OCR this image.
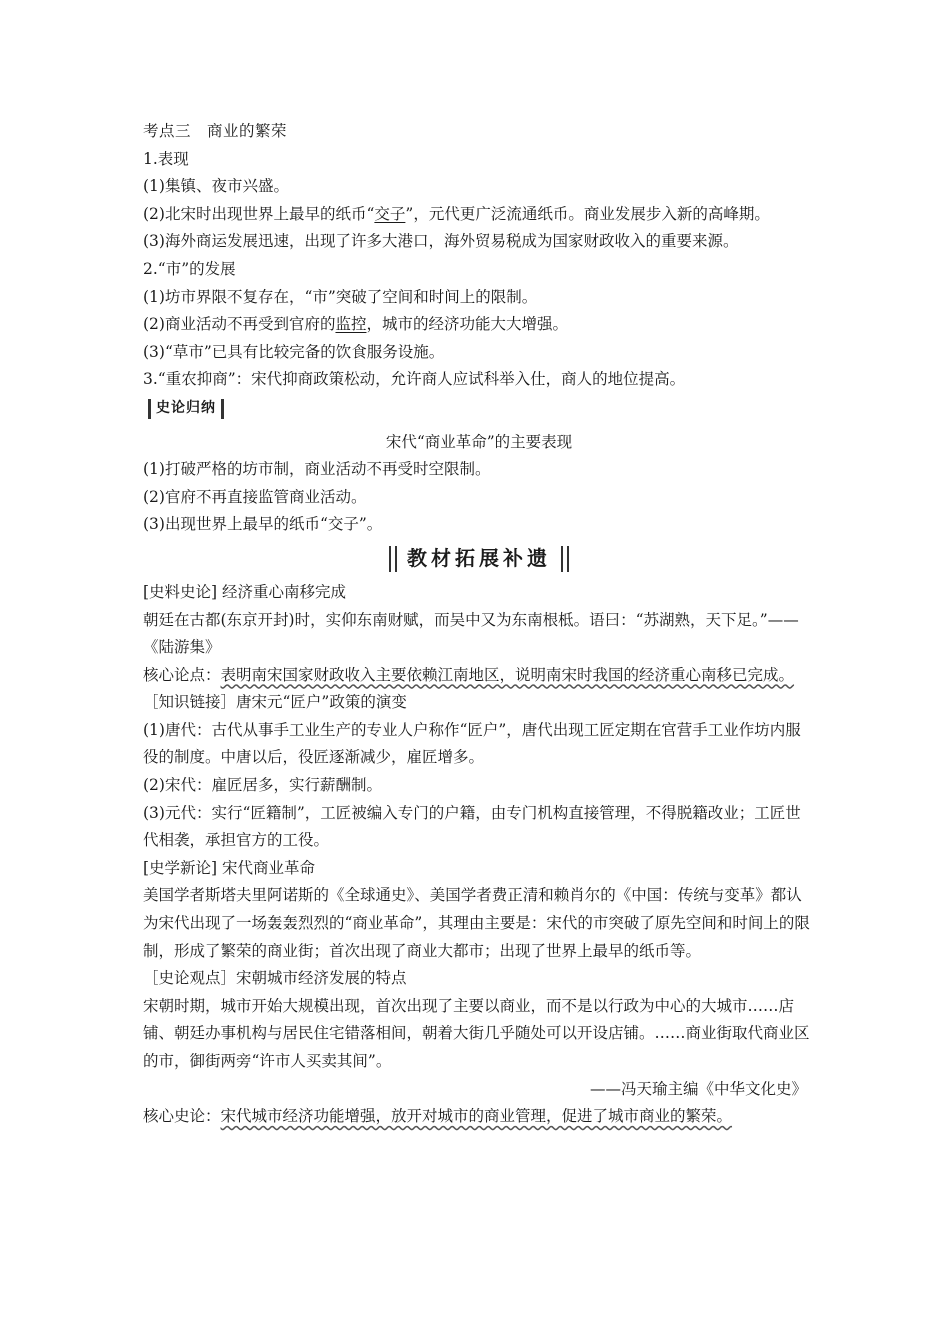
考点三　商业的繁荣
1.表现
(1)集镇、夜市兴盛。
(2)北宋时出现世界上最早的纸币“交子”，元代更广泛流通纸币。商业发展步入新的高峰期。
(3)海外商运发展迅速，出现了许多大港口，海外贸易税成为国家财政收入的重要来源。
2.“市”的发展
(1)坊市界限不复存在，“市”突破了空间和时间上的限制。
(2)商业活动不再受到官府的监控，城市的经济功能大大增强。
(3)“草市”已具有比较完备的饮食服务设施。
3.“重农抑商”：宋代抑商政策松动，允许商人应试科举入仕，商人的地位提高。
史论归纳
宋代“商业革命”的主要表现
(1)打破严格的坊市制，商业活动不再受时空限制。
(2)官府不再直接监管商业活动。
(3)出现世界上最早的纸币“交子”。
教材拓展补遗
[史料史论] 经济重心南移完成
朝廷在古都(东京开封)时，实仰东南财赋，而吴中又为东南根柢。语曰：“苏湖熟，天下足。”——《陆游集》
核心论点：表明南宋国家财政收入主要依赖江南地区，说明南宋时我国的经济重心南移已完成。
［知识链接］唐宋元“匠户”政策的演变
(1)唐代：古代从事手工业生产的专业人户称作“匠户”，唐代出现工匠定期在官营手工业作坊内服役的制度。中唐以后，役匠逐渐减少，雇匠增多。
(2)宋代：雇匠居多，实行薪酬制。
(3)元代：实行“匠籍制”，工匠被编入专门的户籍，由专门机构直接管理，不得脱籍改业；工匠世代相袭，承担官方的工役。
[史学新论] 宋代商业革命
美国学者斯塔夫里阿诺斯的《全球通史》、美国学者费正清和赖肖尔的《中国：传统与变革》都认为宋代出现了一场轰轰烈烈的“商业革命”，其理由主要是：宋代的市突破了原先空间和时间上的限制，形成了繁荣的商业街；首次出现了商业大都市；出现了世界上最早的纸币等。
［史论观点］宋朝城市经济发展的特点
宋朝时期，城市开始大规模出现，首次出现了主要以商业，而不是以行政为中心的大城市……店铺、朝廷办事机构与居民住宅错落相间，朝着大街几乎随处可以开设店铺。……商业街取代商业区的市，御街两旁“许市人买卖其间”。
——冯天瑜主编《中华文化史》
核心史论：宋代城市经济功能增强，放开对城市的商业管理，促进了城市商业的繁荣。
